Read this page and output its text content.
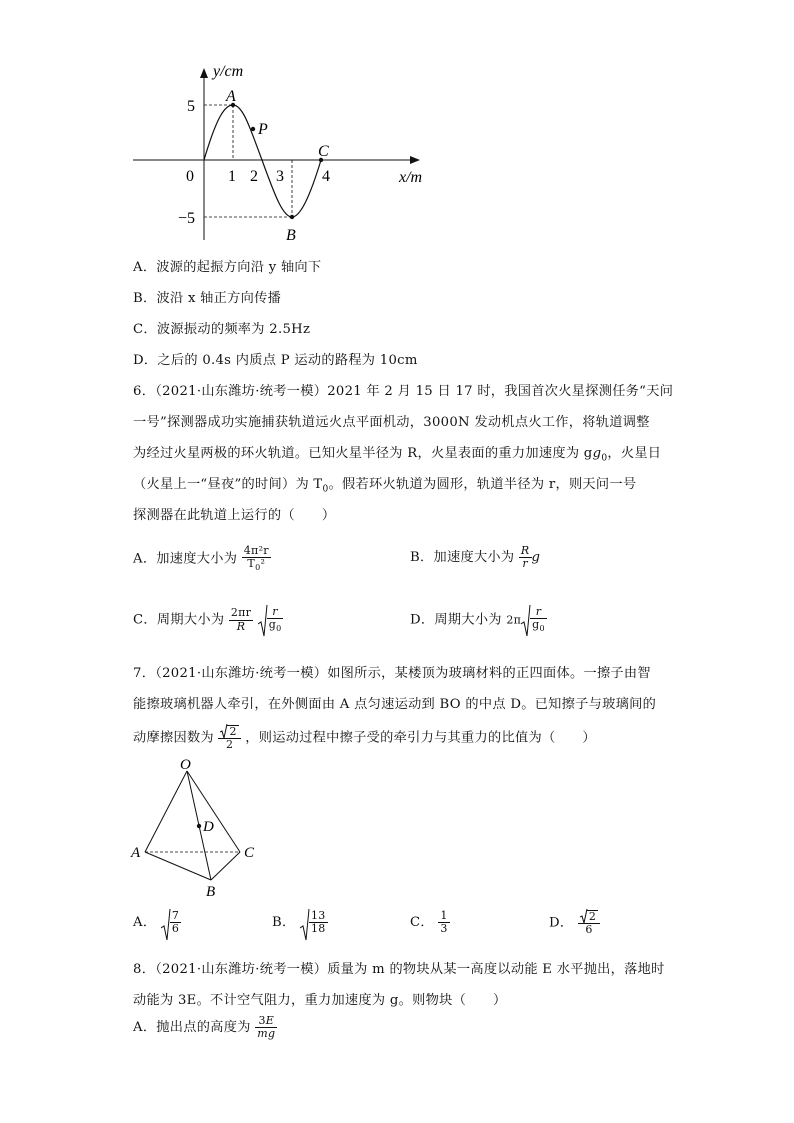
y/cm
x/m
0 1 2 3 4
5
−5
A
P
C
B
A．波源的起振方向沿 y 轴向下
B．波沿 x 轴正方向传播
C．波源振动的频率为 2.5Hz
D．之后的 0.4s 内质点 P 运动的路程为 10cm
6．（2021·山东潍坊·统考一模）2021 年 2 月 15 日 17 时，我国首次火星探测任务“天问
一号”探测器成功实施捕获轨道远火点平面机动，3000N 发动机点火工作，将轨道调整
为经过火星两极的环火轨道。已知火星半径为 R，火星表面的重力加速度为 $gg_0$，火星日
（火星上一“昼夜”的时间）为 $T_0$。假若环火轨道为圆形，轨道半径为 r，则天问一号
探测器在此轨道上运行的（　　）
A．加速度大小为 $\frac{\text{4π²r}}{T_0^2}$	B．加速度大小为 $\frac{R}{r}$ g
C．周期大小为 $\frac{2\pi r}{R}$
$\frac{r}{g_0}$	D．周期大小为 $2\pi \frac{r}{g_0}$
7．（2021·山东潍坊·统考一模）如图所示，某楼顶为玻璃材料的正四面体。一擦子由智
能擦玻璃机器人牵引，在外侧面由 A 点匀速运动到 BO 的中点 D。已知擦子与玻璃间的
动摩擦因数为 $\frac{2}{2}$ ，则运动过程中擦子受的牵引力与其重力的比值为（　　）
O
D
A	C
B
A． $\frac{7}{6}$	B． $\frac{13}{18}$	C． $\frac{1}{3}$	D． $\frac{2}{6}$
8．（2021·山东潍坊·统考一模）质量为 m 的物块从某一高度以动能 E 水平抛出，落地时
动能为 3E。不计空气阻力，重力加速度为 g。则物块（　　）
A．抛出点的高度为 $\frac{3E}{mg}$
